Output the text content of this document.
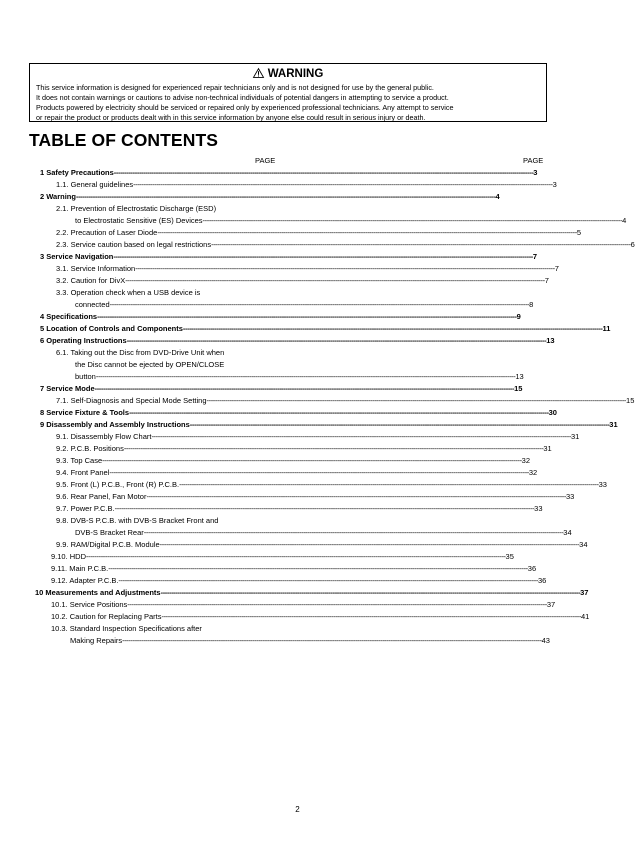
WARNING
This service information is designed for experienced repair technicians only and is not designed for use by the general public.
It does not contain warnings or cautions to advise non-technical individuals of potential dangers in attempting to service a product.
Products powered by electricity should be serviced or repaired only by experienced professional technicians. Any attempt to service
or repair the product or products dealt with in this service information by anyone else could result in serious injury or death.
TABLE OF CONTENTS
PAGE	PAGE
1 Safety Precautions -------------------------------------------------------------------------------------------------------------------------------------------------------------------------------------------------------- 3
1.1. General guidelines -------------------------------------------------------------------------------------------------------------------------------------------------------------------------------------------------------- 3
2 Warning -------------------------------------------------------------------------------------------------------------------------------------------------------------------------------------------------------- 4
2.1. Prevention of Electrostatic Discharge (ESD)
to Electrostatic Sensitive (ES) Devices -------------------------------------------------------------------------------------------------------------------------------------------------------------------------------------------------------- 4
2.2. Precaution of Laser Diode -------------------------------------------------------------------------------------------------------------------------------------------------------------------------------------------------------- 5
2.3. Service caution based on legal restrictions -------------------------------------------------------------------------------------------------------------------------------------------------------------------------------------------------------- 6
3 Service Navigation -------------------------------------------------------------------------------------------------------------------------------------------------------------------------------------------------------- 7
3.1. Service Information -------------------------------------------------------------------------------------------------------------------------------------------------------------------------------------------------------- 7
3.2. Caution for DivX -------------------------------------------------------------------------------------------------------------------------------------------------------------------------------------------------------- 7
3.3. Operation check when a USB device is
connected -------------------------------------------------------------------------------------------------------------------------------------------------------------------------------------------------------- 8
4 Specifications -------------------------------------------------------------------------------------------------------------------------------------------------------------------------------------------------------- 9
5 Location of Controls and Components -------------------------------------------------------------------------------------------------------------------------------------------------------------------------------------------------------- 11
6 Operating Instructions -------------------------------------------------------------------------------------------------------------------------------------------------------------------------------------------------------- 13
6.1. Taking out the Disc from DVD-Drive Unit when
the Disc cannot be ejected by OPEN/CLOSE
button -------------------------------------------------------------------------------------------------------------------------------------------------------------------------------------------------------- 13
7 Service Mode -------------------------------------------------------------------------------------------------------------------------------------------------------------------------------------------------------- 15
7.1. Self-Diagnosis and Special Mode Setting -------------------------------------------------------------------------------------------------------------------------------------------------------------------------------------------------------- 15
8 Service Fixture & Tools -------------------------------------------------------------------------------------------------------------------------------------------------------------------------------------------------------- 30
9 Disassembly and Assembly Instructions -------------------------------------------------------------------------------------------------------------------------------------------------------------------------------------------------------- 31
9.1. Disassembly Flow Chart -------------------------------------------------------------------------------------------------------------------------------------------------------------------------------------------------------- 31
9.2. P.C.B. Positions -------------------------------------------------------------------------------------------------------------------------------------------------------------------------------------------------------- 31
9.3. Top Case -------------------------------------------------------------------------------------------------------------------------------------------------------------------------------------------------------- 32
9.4. Front Panel -------------------------------------------------------------------------------------------------------------------------------------------------------------------------------------------------------- 32
9.5. Front (L) P.C.B., Front (R) P.C.B. -------------------------------------------------------------------------------------------------------------------------------------------------------------------------------------------------------- 33
9.6. Rear Panel, Fan Motor -------------------------------------------------------------------------------------------------------------------------------------------------------------------------------------------------------- 33
9.7. Power P.C.B. -------------------------------------------------------------------------------------------------------------------------------------------------------------------------------------------------------- 33
9.8. DVB-S P.C.B. with DVB-S Bracket Front and
DVB-S Bracket Rear -------------------------------------------------------------------------------------------------------------------------------------------------------------------------------------------------------- 34
9.9. RAM/Digital P.C.B. Module -------------------------------------------------------------------------------------------------------------------------------------------------------------------------------------------------------- 34
9.10. HDD -------------------------------------------------------------------------------------------------------------------------------------------------------------------------------------------------------- 35
9.11. Main P.C.B. -------------------------------------------------------------------------------------------------------------------------------------------------------------------------------------------------------- 36
9.12. Adapter P.C.B. -------------------------------------------------------------------------------------------------------------------------------------------------------------------------------------------------------- 36
10 Measurements and Adjustments -------------------------------------------------------------------------------------------------------------------------------------------------------------------------------------------------------- 37
10.1. Service Positions -------------------------------------------------------------------------------------------------------------------------------------------------------------------------------------------------------- 37
10.2. Caution for Replacing Parts -------------------------------------------------------------------------------------------------------------------------------------------------------------------------------------------------------- 41
10.3. Standard Inspection Specifications after
Making Repairs -------------------------------------------------------------------------------------------------------------------------------------------------------------------------------------------------------- 43
2
